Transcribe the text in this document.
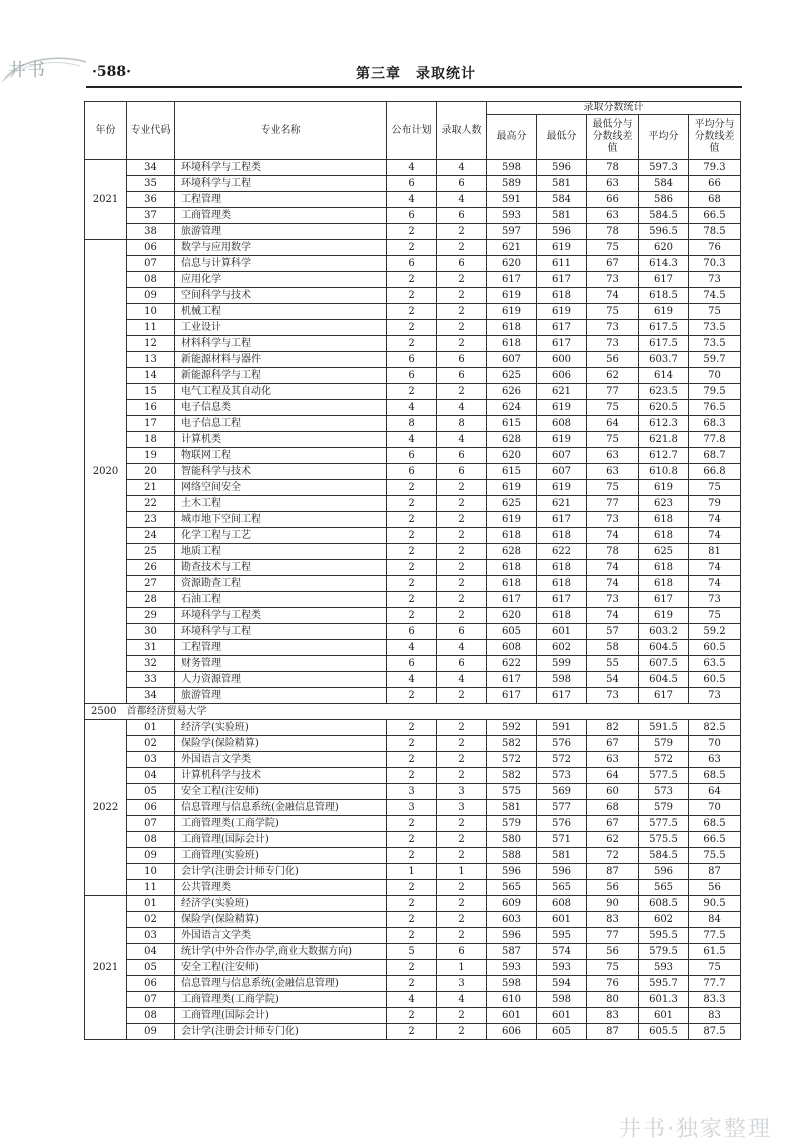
井书	·588·	第三章　录取统计
年份	专业代码	专业名称	公布计划	录取人数	录取分数统计				
					最高分	最低分	最低分与分数线差值	平均分	平均分与分数线差值
2021	34	环境科学与工程类	4	4	598	596	78	597.3	79.3
	35	环境科学与工程	6	6	589	581	63	584	66
	36	工程管理	4	4	591	584	66	586	68
	37	工商管理类	6	6	593	581	63	584.5	66.5
	38	旅游管理	2	2	597	596	78	596.5	78.5
2020	06	数学与应用数学	2	2	621	619	75	620	76
	07	信息与计算科学	6	6	620	611	67	614.3	70.3
	08	应用化学	2	2	617	617	73	617	73
	09	空间科学与技术	2	2	619	618	74	618.5	74.5
	10	机械工程	2	2	619	619	75	619	75
	11	工业设计	2	2	618	617	73	617.5	73.5
	12	材料科学与工程	2	2	618	617	73	617.5	73.5
	13	新能源材料与器件	6	6	607	600	56	603.7	59.7
	14	新能源科学与工程	6	6	625	606	62	614	70
	15	电气工程及其自动化	2	2	626	621	77	623.5	79.5
	16	电子信息类	4	4	624	619	75	620.5	76.5
	17	电子信息工程	8	8	615	608	64	612.3	68.3
	18	计算机类	4	4	628	619	75	621.8	77.8
	19	物联网工程	6	6	620	607	63	612.7	68.7
	20	智能科学与技术	6	6	615	607	63	610.8	66.8
	21	网络空间安全	2	2	619	619	75	619	75
	22	土木工程	2	2	625	621	77	623	79
	23	城市地下空间工程	2	2	619	617	73	618	74
	24	化学工程与工艺	2	2	618	618	74	618	74
	25	地质工程	2	2	628	622	78	625	81
	26	勘查技术与工程	2	2	618	618	74	618	74
	27	资源勘查工程	2	2	618	618	74	618	74
	28	石油工程	2	2	617	617	73	617	73
	29	环境科学与工程类	2	2	620	618	74	619	75
	30	环境科学与工程	6	6	605	601	57	603.2	59.2
	31	工程管理	4	4	608	602	58	604.5	60.5
	32	财务管理	6	6	622	599	55	607.5	63.5
	33	人力资源管理	4	4	617	598	54	604.5	60.5
	34	旅游管理	2	2	617	617	73	617	73
2500　首都经济贸易大学									
2022	01	经济学(实验班)	2	2	592	591	82	591.5	82.5
	02	保险学(保险精算)	2	2	582	576	67	579	70
	03	外国语言文学类	2	2	572	572	63	572	63
	04	计算机科学与技术	2	2	582	573	64	577.5	68.5
	05	安全工程(注安师)	3	3	575	569	60	573	64
	06	信息管理与信息系统(金融信息管理)	3	3	581	577	68	579	70
	07	工商管理类(工商学院)	2	2	579	576	67	577.5	68.5
	08	工商管理(国际会计)	2	2	580	571	62	575.5	66.5
	09	工商管理(实验班)	2	2	588	581	72	584.5	75.5
	10	会计学(注册会计师专门化)	1	1	596	596	87	596	87
	11	公共管理类	2	2	565	565	56	565	56
2021	01	经济学(实验班)	2	2	609	608	90	608.5	90.5
	02	保险学(保险精算)	2	2	603	601	83	602	84
	03	外国语言文学类	2	2	596	595	77	595.5	77.5
	04	统计学(中外合作办学,商业大数据方向)	5	6	587	574	56	579.5	61.5
	05	安全工程(注安师)	2	1	593	593	75	593	75
	06	信息管理与信息系统(金融信息管理)	2	3	598	594	76	595.7	77.7
	07	工商管理类(工商学院)	4	4	610	598	80	601.3	83.3
	08	工商管理(国际会计)	2	2	601	601	83	601	83
	09	会计学(注册会计师专门化)	2	2	606	605	87	605.5	87.5
井书·独家整理
